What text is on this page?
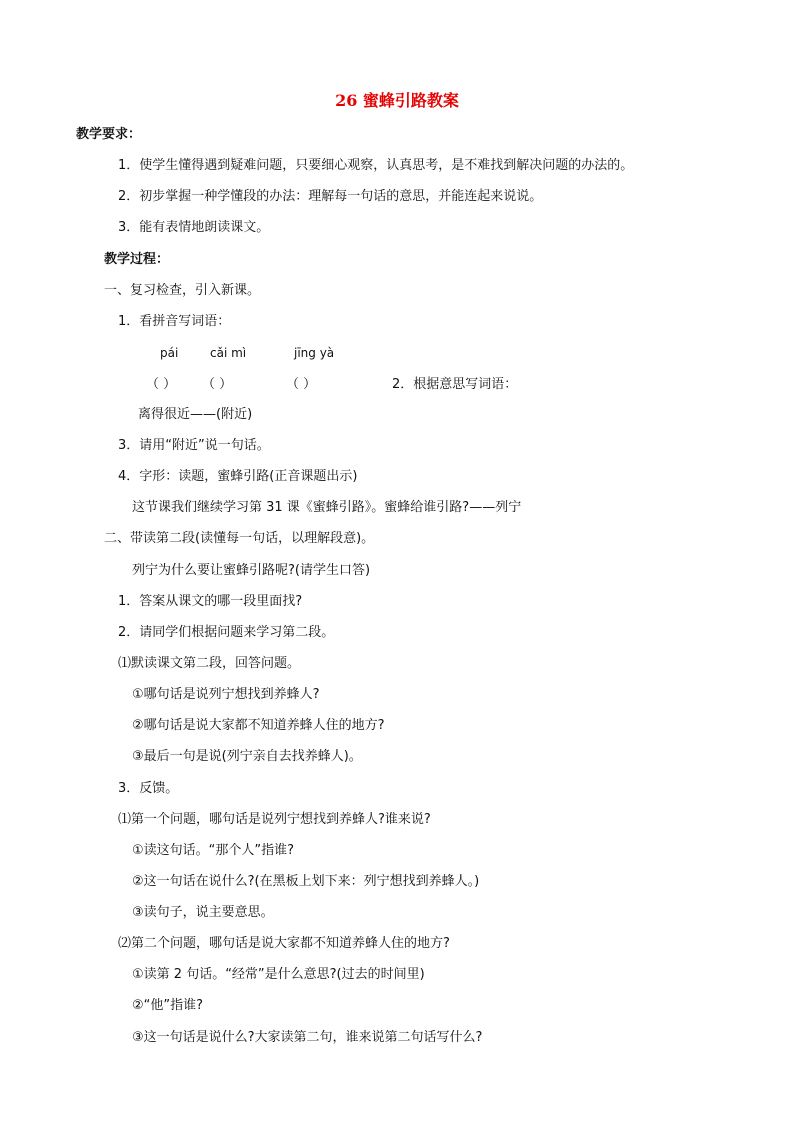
26 蜜蜂引路教案
教学要求：
1．使学生懂得遇到疑难问题，只要细心观察，认真思考，是不难找到解决问题的办法的。
2．初步掌握一种学懂段的办法：理解每一句话的意思，并能连起来说说。
3．能有表情地朗读课文。
教学过程：
一、复习检查，引入新课。
1．看拼音写词语：
pái	cǎi mì	jīng yà
（ ） （ ）	（ ）	2．根据意思写词语：
离得很近——(附近)
3．请用“附近”说一句话。
4．字形：读题，蜜蜂引路(正音课题出示)
这节课我们继续学习第 31 课《蜜蜂引路》。蜜蜂给谁引路?——列宁
二、带读第二段(读懂每一句话，以理解段意)。
列宁为什么要让蜜蜂引路呢?(请学生口答)
1．答案从课文的哪一段里面找?
2．请同学们根据问题来学习第二段。
⑴默读课文第二段，回答问题。
①哪句话是说列宁想找到养蜂人?
②哪句话是说大家都不知道养蜂人住的地方?
③最后一句是说(列宁亲自去找养蜂人)。
3．反馈。
⑴第一个问题，哪句话是说列宁想找到养蜂人?谁来说?
①读这句话。“那个人”指谁?
②这一句话在说什么?(在黑板上划下来：列宁想找到养蜂人。)
③读句子，说主要意思。
⑵第二个问题，哪句话是说大家都不知道养蜂人住的地方?
①读第 2 句话。“经常”是什么意思?(过去的时间里)
②“他”指谁?
③这一句话是说什么?大家读第二句，谁来说第二句话写什么?
